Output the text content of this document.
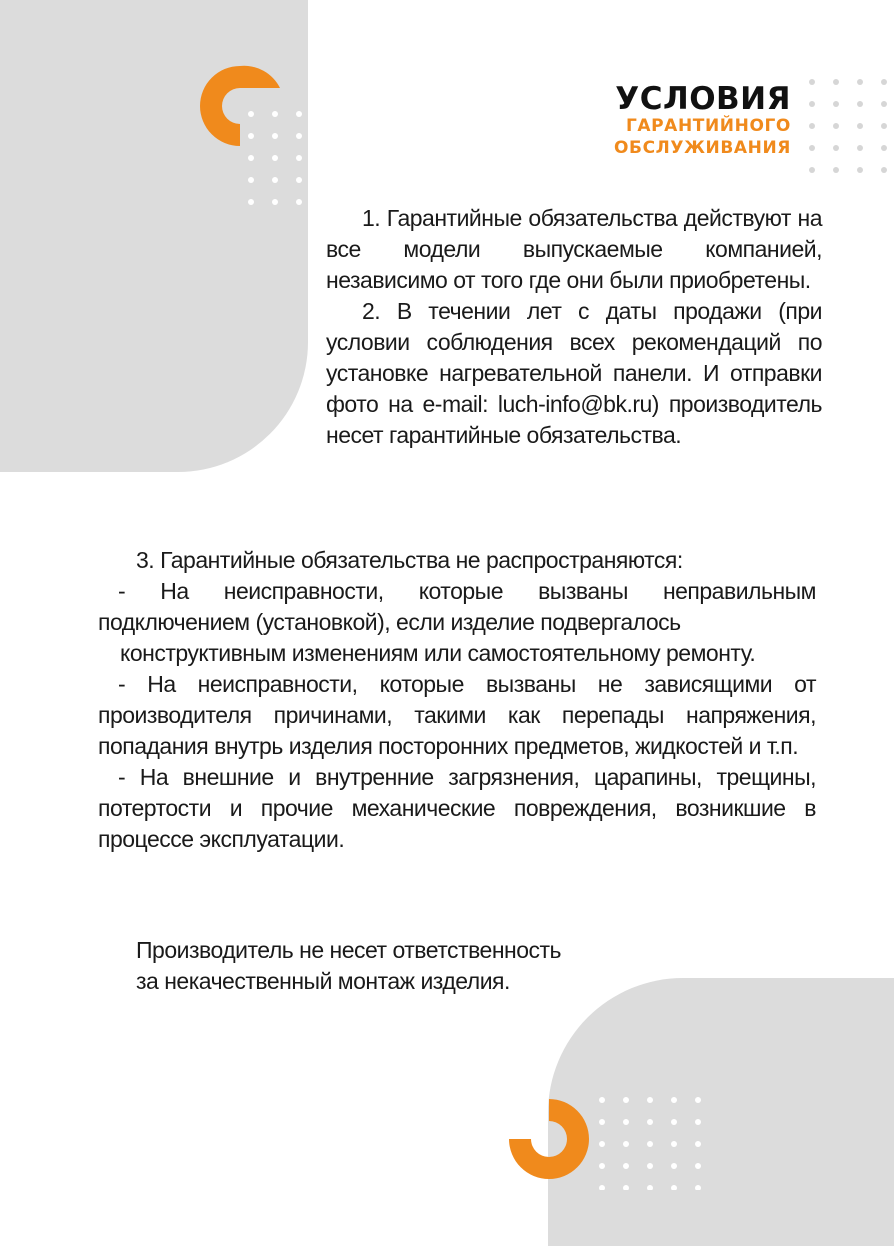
УСЛОВИЯ
ГАРАНТИЙНОГО
ОБСЛУЖИВАНИЯ

1. Гарантийные обязательства действуют на все модели выпускаемые компанией, независимо от того где они были приобретены.

2. В течении лет с даты продажи (при условии соблюдения всех рекомендаций по установке нагревательной панели. И отправки фото на e-mail: luch-info@bk.ru) производитель несет гарантийные обязательства.

3. Гарантийные обязательства не распространяются:

- На неисправности, которые вызваны неправильным подключением (установкой), если изделие подвергалось

конструктивным изменениям или самостоятельному ремонту.

- На неисправности, которые вызваны не зависящими от производителя причинами, такими как перепады напряжения, попадания внутрь изделия посторонних предметов, жидкостей и т.п.

- На внешние и внутренние загрязнения, царапины, трещины, потертости и прочие механические повреждения, возникшие в процессе эксплуатации.

Производитель не несет ответственность

за некачественный монтаж изделия.
